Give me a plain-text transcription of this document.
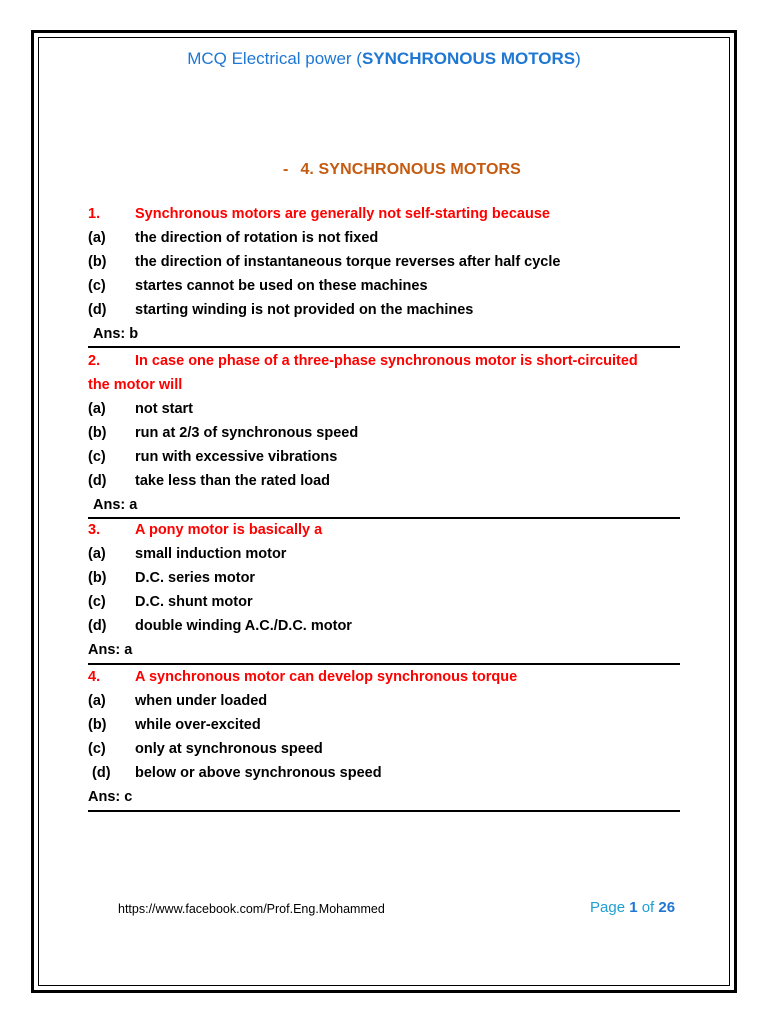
MCQ Electrical power (SYNCHRONOUS MOTORS)
- 4. SYNCHRONOUS MOTORS
1. Synchronous motors are generally not self-starting because
(a) the direction of rotation is not fixed
(b) the direction of instantaneous torque reverses after half cycle
(c) startes cannot be used on these machines
(d) starting winding is not provided on the machines
Ans: b
2. In case one phase of a three-phase synchronous motor is short-circuited
the motor will
(a) not start
(b) run at 2/3 of synchronous speed
(c) run with excessive vibrations
(d) take less than the rated load
Ans: a
3. A pony motor is basically a
(a) small induction motor
(b) D.C. series motor
(c) D.C. shunt motor
(d) double winding A.C./D.C. motor
Ans: a
4. A synchronous motor can develop synchronous torque
(a) when under loaded
(b) while over-excited
(c) only at synchronous speed
(d) below or above synchronous speed
Ans: c
https://www.facebook.com/Prof.Eng.Mohammed	Page 1 of 26
